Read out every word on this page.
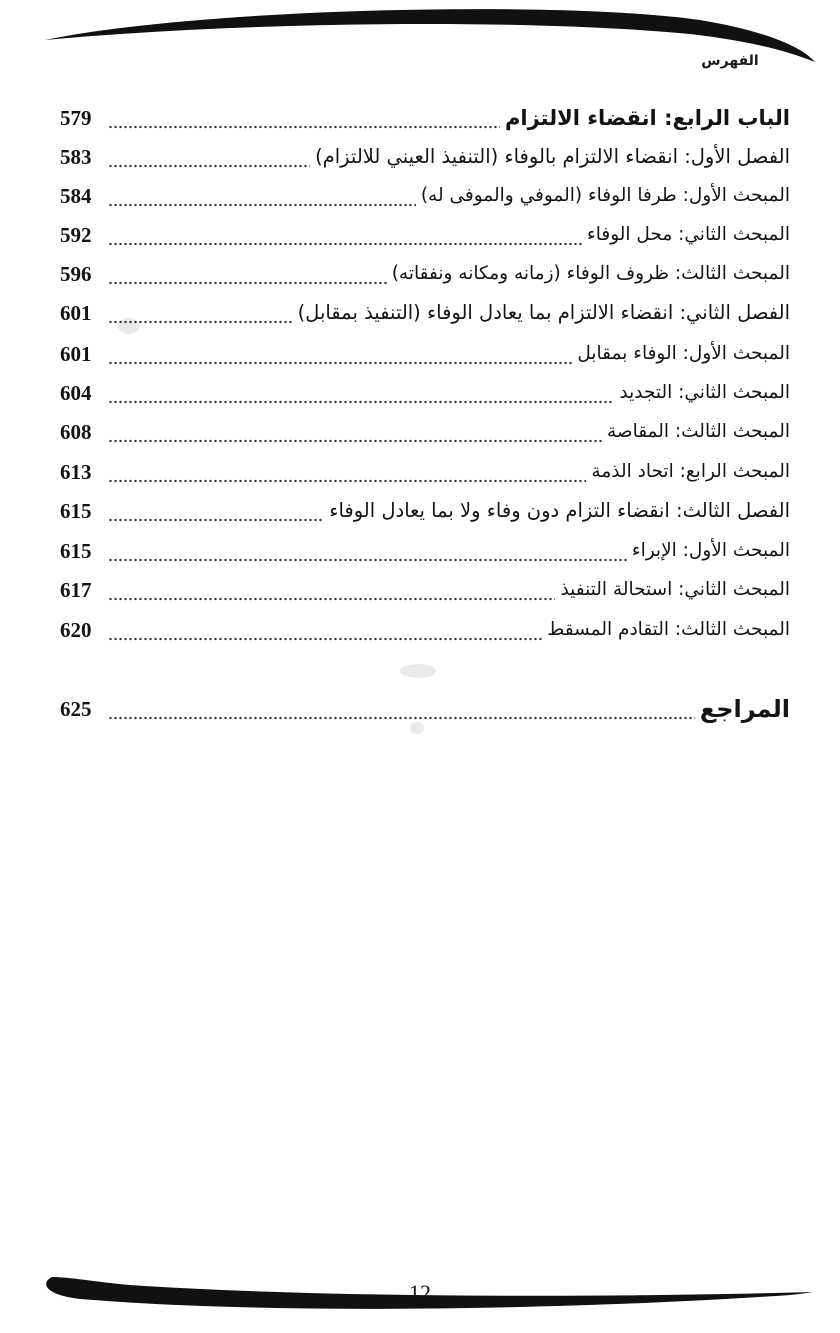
الفهرس
الباب الرابع: انقضاء الالتزام
579
الفصل الأول: انقضاء الالتزام بالوفاء (التنفيذ العيني للالتزام)
583
المبحث الأول: طرفا الوفاء (الموفي والموفى له)
584
المبحث الثاني: محل الوفاء
592
المبحث الثالث: ظروف الوفاء (زمانه ومكانه ونفقاته)
596
الفصل الثاني: انقضاء الالتزام بما يعادل الوفاء (التنفيذ بمقابل)
601
المبحث الأول: الوفاء بمقابل
601
المبحث الثاني: التجديد
604
المبحث الثالث: المقاصة
608
المبحث الرابع: اتحاد الذمة
613
الفصل الثالث: انقضاء التزام دون وفاء ولا بما يعادل الوفاء
615
المبحث الأول: الإبراء
615
المبحث الثاني: استحالة التنفيذ
617
المبحث الثالث: التقادم المسقط
620
المراجع
625
12
